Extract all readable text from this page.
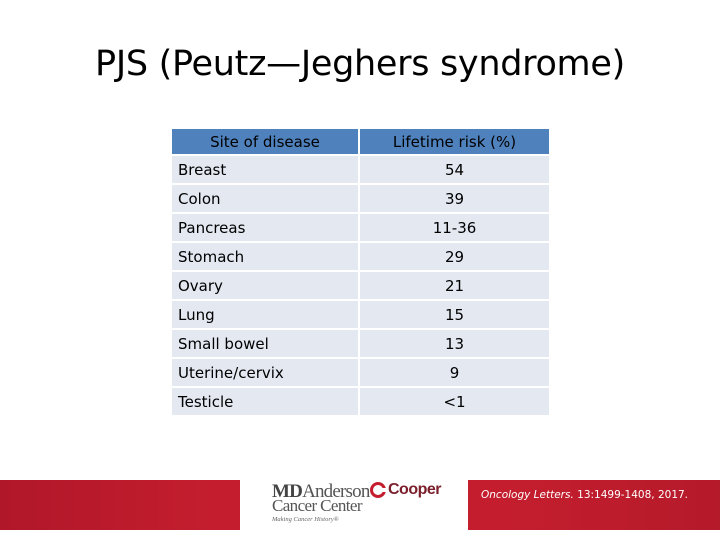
PJS (Peutz—Jeghers syndrome)
Site of disease	Lifetime risk (%)
Breast	54
Colon	39
Pancreas	11-36
Stomach	29
Ovary	21
Lung	15
Small bowel	13
Uterine/cervix	9
Testicle	<1
MDAnderson
Cancer Center
Making Cancer History®
Cooper	Oncology Letters. 13:1499-1408, 2017.
